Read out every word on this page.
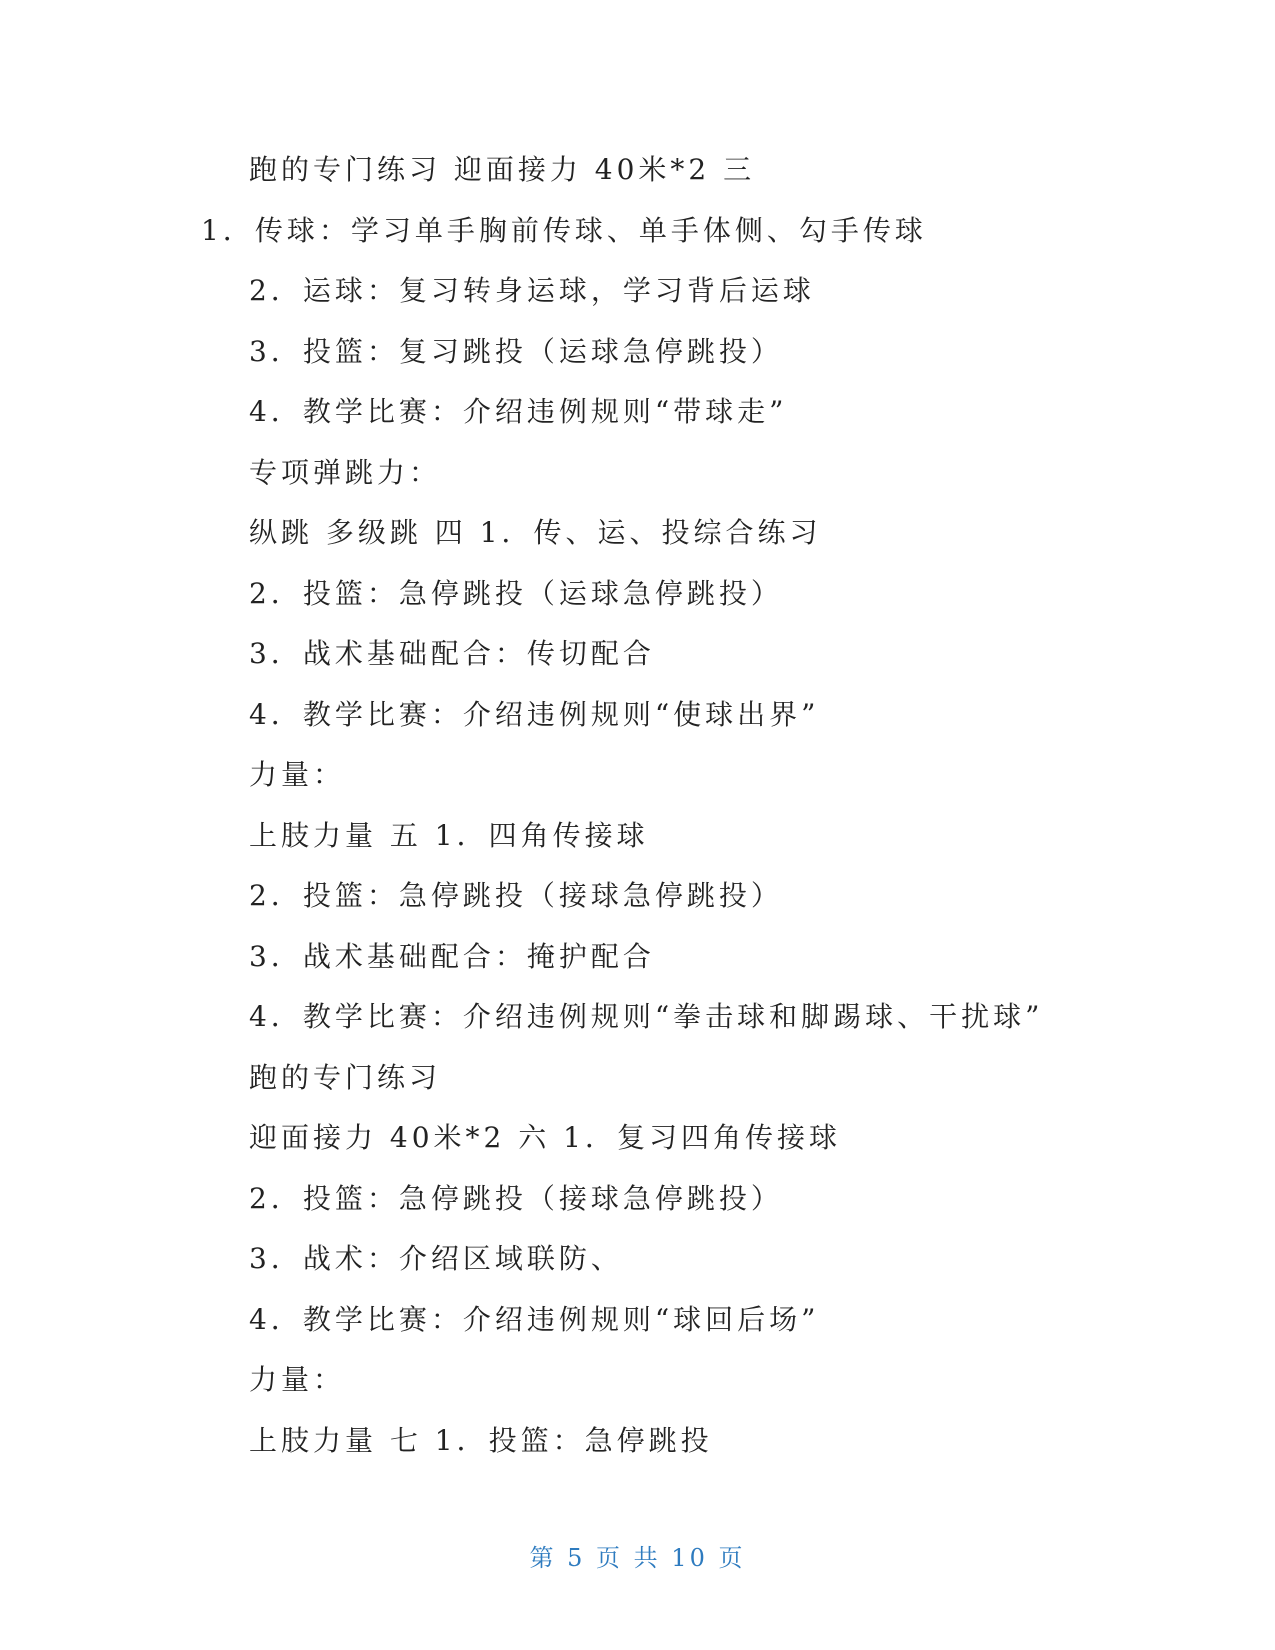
跑的专门练习 迎面接力 40米*2 三
1．传球：学习单手胸前传球、单手体侧、勾手传球
2．运球：复习转身运球，学习背后运球
3．投篮：复习跳投（运球急停跳投）
4．教学比赛：介绍违例规则“带球走”
专项弹跳力：
纵跳 多级跳 四 1．传、运、投综合练习
2．投篮：急停跳投（运球急停跳投）
3．战术基础配合：传切配合
4．教学比赛：介绍违例规则“使球出界”
力量：
上肢力量 五 1．四角传接球
2．投篮：急停跳投（接球急停跳投）
3．战术基础配合：掩护配合
4．教学比赛：介绍违例规则“拳击球和脚踢球、干扰球”
跑的专门练习
迎面接力 40米*2 六 1．复习四角传接球
2．投篮：急停跳投（接球急停跳投）
3．战术：介绍区域联防、
4．教学比赛：介绍违例规则“球回后场”
力量：
上肢力量 七 1．投篮：急停跳投
第 5 页 共 10 页
